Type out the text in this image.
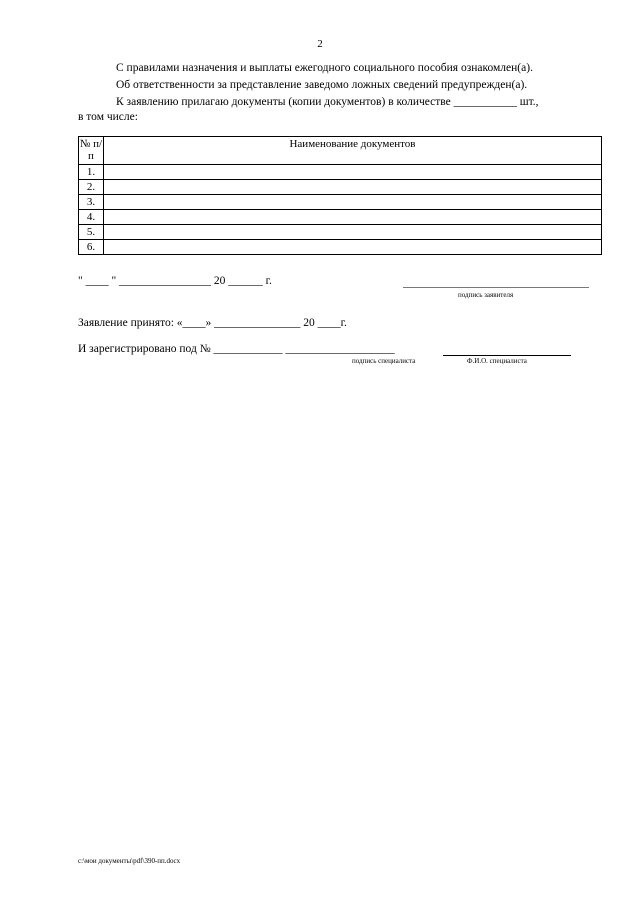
2
С правилами назначения и выплаты ежегодного социального пособия ознакомлен(а).
Об ответственности за представление заведомо ложных сведений предупрежден(а).
К заявлению прилагаю документы (копии документов) в количестве ___________ шт.,
в том числе:
№ п/п	Наименование документов
1.	
2.	
3.	
4.	
5.	
6.	
" ____ " ________________ 20 ______ г.
подпись заявителя
Заявление принято: «____» _______________ 20 ____г.
И зарегистрировано под № ____________ ___________________
подпись специалиста	Ф.И.О. специалиста
c:\мои документы\pdf\390-пп.docx
